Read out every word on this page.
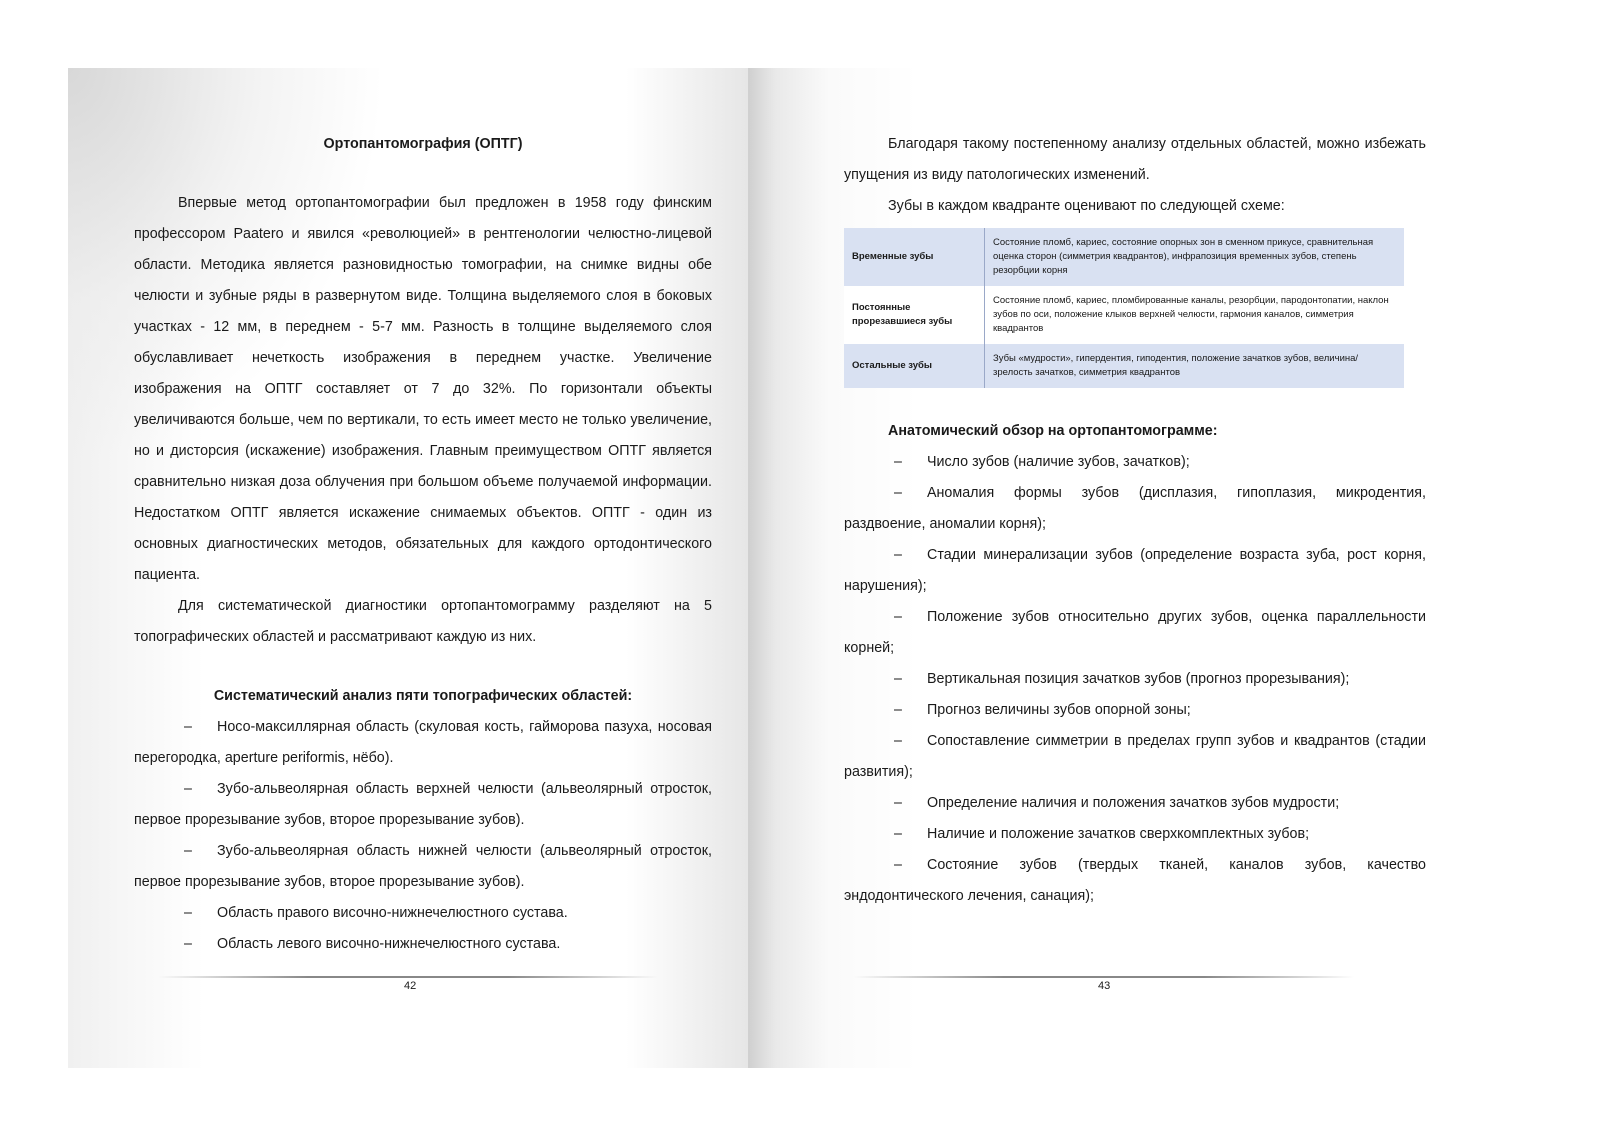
Ортопантомография (ОПТГ)

Впервые метод ортопантомографии был предложен в 1958 году финским профессором Paatero и явился «революцией» в рентгенологии челюстно-лицевой области. Методика является разновидностью томографии, на снимке видны обе челюсти и зубные ряды в развернутом виде. Толщина выделяемого слоя в боковых участках - 12 мм, в переднем - 5-7 мм. Разность в толщине выделяемого слоя обуславливает нечеткость изображения в переднем участке. Увеличение изображения на ОПТГ составляет от 7 до 32%. По горизонтали объекты увеличиваются больше, чем по вертикали, то есть имеет место не только увеличение, но и дисторсия (искажение) изображения. Главным преимуществом ОПТГ является сравнительно низкая доза облучения при большом объеме получаемой информации. Недостатком ОПТГ является искажение снимаемых объектов. ОПТГ - один из основных диагностических методов, обязательных для каждого ортодонтического пациента.

Для систематической диагностики ортопантомограмму разделяют на 5 топографических областей и рассматривают каждую из них.

Систематический анализ пяти топографических областей:

– Носо-максиллярная область (скуловая кость, гайморова пазуха, носовая перегородка, aperture periformis, нёбо).

– Зубо-альвеолярная область верхней челюсти (альвеолярный отросток, первое прорезывание зубов, второе прорезывание зубов).

– Зубо-альвеолярная область нижней челюсти (альвеолярный отросток, первое прорезывание зубов, второе прорезывание зубов).

– Область правого височно-нижнечелюстного сустава.

– Область левого височно-нижнечелюстного сустава.

42

Благодаря такому постепенному анализу отдельных областей, можно избежать упущения из виду патологических изменений.

Зубы в каждом квадранте оценивают по следующей схеме:

Временные зубы	Состояние пломб, кариес, состояние опорных зон в сменном прикусе, сравнительная оценка сторон (симметрия квадрантов), инфрапозиция временных зубов, степень резорбции корня
Постоянные прорезавшиеся зубы	Состояние пломб, кариес, пломбированные каналы, резорбции, пародонтопатии, наклон зубов по оси, положение клыков верхней челюсти, гармония каналов, симметрия квадрантов
Остальные зубы	Зубы «мудрости», гипердентия, гиподентия, положение зачатков зубов, величина/зрелость зачатков, симметрия квадрантов

Анатомический обзор на ортопантомограмме:

– Число зубов (наличие зубов, зачатков);

– Аномалия формы зубов (дисплазия, гипоплазия, микродентия, раздвоение, аномалии корня);

– Стадии минерализации зубов (определение возраста зуба, рост корня, нарушения);

– Положение зубов относительно других зубов, оценка параллельности корней;

– Вертикальная позиция зачатков зубов (прогноз прорезывания);

– Прогноз величины зубов опорной зоны;

– Сопоставление симметрии в пределах групп зубов и квадрантов (стадии развития);

– Определение наличия и положения зачатков зубов мудрости;

– Наличие и положение зачатков сверхкомплектных зубов;

– Состояние зубов (твердых тканей, каналов зубов, качество эндодонтического лечения, санация);

43
